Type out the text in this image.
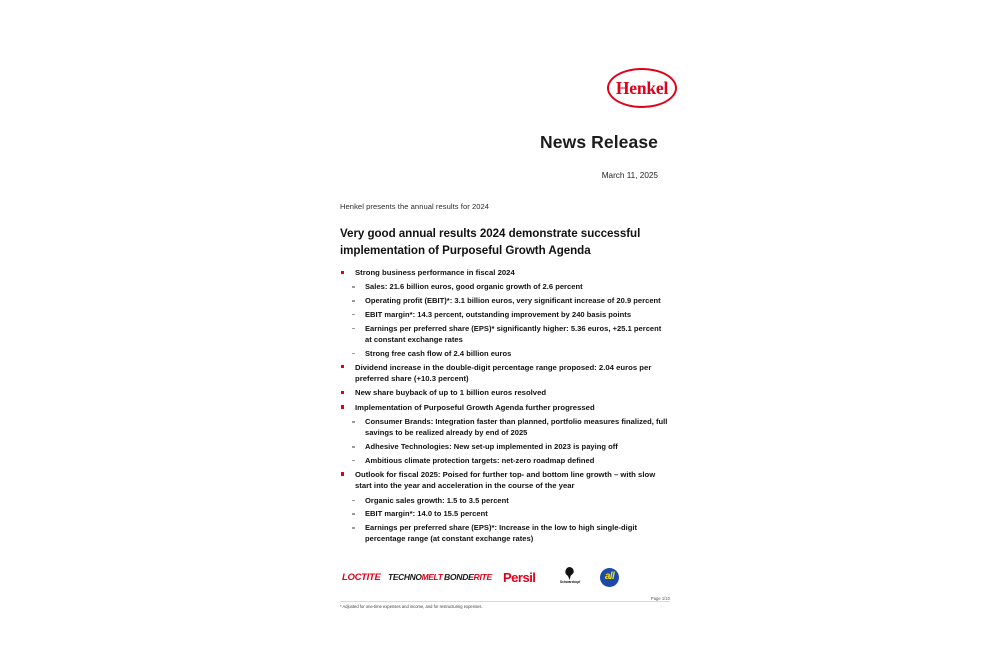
Henkel
News Release
March 11, 2025
Henkel presents the annual results for 2024
Very good annual results 2024 demonstrate successful implementation of Purposeful Growth Agenda
Strong business performance in fiscal 2024
Sales: 21.6 billion euros, good organic growth of 2.6 percent
Operating profit (EBIT)*: 3.1 billion euros, very significant increase of 20.9 percent
EBIT margin*: 14.3 percent, outstanding improvement by 240 basis points
Earnings per preferred share (EPS)* significantly higher: 5.36 euros, +25.1 percent at constant exchange rates
Strong free cash flow of 2.4 billion euros
Dividend increase in the double-digit percentage range proposed: 2.04 euros per preferred share (+10.3 percent)
New share buyback of up to 1 billion euros resolved
Implementation of Purposeful Growth Agenda further progressed
Consumer Brands: Integration faster than planned, portfolio measures finalized, full savings to be realized already by end of 2025
Adhesive Technologies: New set-up implemented in 2023 is paying off
Ambitious climate protection targets: net-zero roadmap defined
Outlook for fiscal 2025: Poised for further top- and bottom line growth – with slow start into the year and acceleration in the course of the year
Organic sales growth: 1.5 to 3.5 percent
EBIT margin*: 14.0 to 15.5 percent
Earnings per preferred share (EPS)*: Increase in the low to high single-digit percentage range (at constant exchange rates)
LOCTITE TECHNOMELT BONDERITE Persil	Schwarzkopf	all
Page 1/10
* Adjusted for one-time expenses and income, and for restructuring expenses.
